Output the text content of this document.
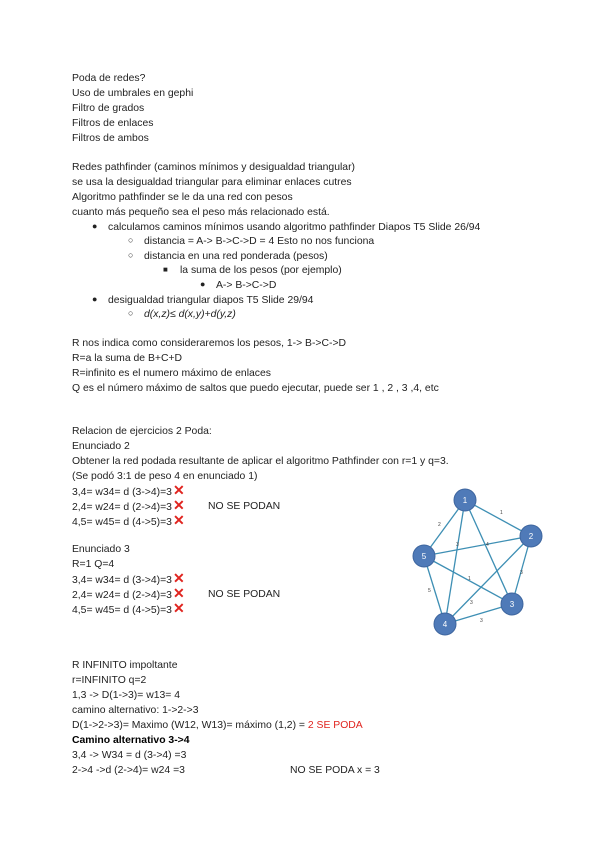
Poda de redes?
Uso de umbrales en gephi
Filtro de grados
Filtros de enlaces
Filtros de ambos
Redes pathfinder (caminos mínimos y desigualdad triangular)
se usa la desigualdad triangular para eliminar enlaces cutres
Algoritmo pathfinder se le da una red con pesos
cuanto más pequeño sea el peso más relacionado está.
● calculamos caminos mínimos usando algoritmo pathfinder Diapos T5 Slide 26/94
○ distancia = A-> B->C->D = 4 Esto no nos funciona
○ distancia en una red ponderada (pesos)
■ la suma de los pesos (por ejemplo)
● A-> B->C->D
● desigualdad triangular diapos T5 Slide 29/94
○ d(x,z)≤ d(x,y)+d(y,z)
R nos indica como consideraremos los pesos, 1-> B->C->D
R=a la suma de B+C+D
R=infinito es el numero máximo de enlaces
Q es el número máximo de saltos que puedo ejecutar, puede ser 1 , 2 , 3 ,4, etc
Relacion de ejercicios 2 Poda:
Enunciado 2
Obtener la red podada resultante de aplicar el algoritmo Pathfinder con r=1 y q=3.
(Se podó 3:1 de peso 4 en enunciado 1)
3,4= w34= d (3->4)=3✕
2,4= w24= d (2->4)=3✕ NO SE PODAN
4,5= w45= d (4->5)=3✕
Enunciado 3
R=1 Q=4
3,4= w34= d (3->4)=3✕
2,4= w24= d (2->4)=3✕ NO SE PODAN
4,5= w45= d (4->5)=3✕
2
1
3	4
1
5
3
3
3
1
2
3
4
5
R INFINITO impoltante
r=INFINITO q=2
1,3 -> D(1->3)= w13= 4
camino alternativo: 1->2->3
D(1->2->3)= Maximo (W12, W13)= máximo (1,2) = 2 SE PODA
Camino alternativo 3->4
3,4 -> W34 = d (3->4) =3
2->4 ->d (2->4)= w24 =3	NO SE PODA x = 3
